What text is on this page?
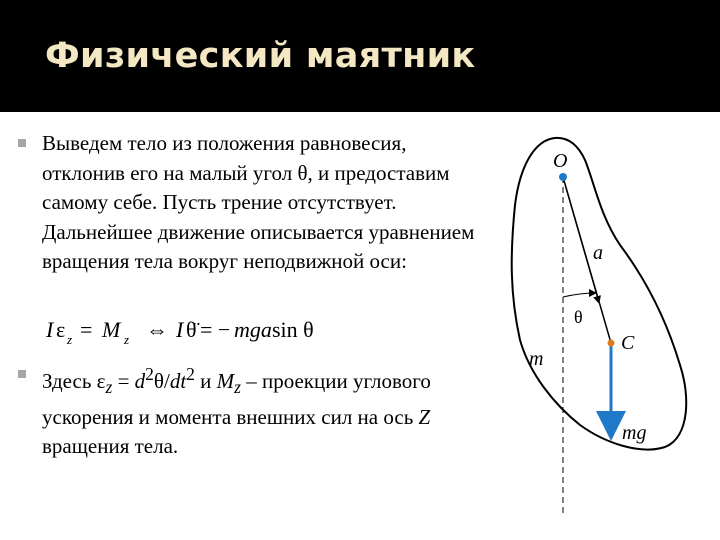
Физический маятник
Выведем тело из положения равновесия, отклонив его на малый угол θ, и предоставим самому себе. Пусть трение отсутствует. Дальнейшее движение описывается уравнением вращения тела вокруг неподвижной оси:
I ε z = M z ⇔ I θ̈ = − mga sin θ
Здесь $\varepsilon_z = d^2\theta/dt^2$ и $M_z$ – проекции углового ускорения и момента внешних сил на ось Z вращения тела.
O
a
C
m
mg
θ
